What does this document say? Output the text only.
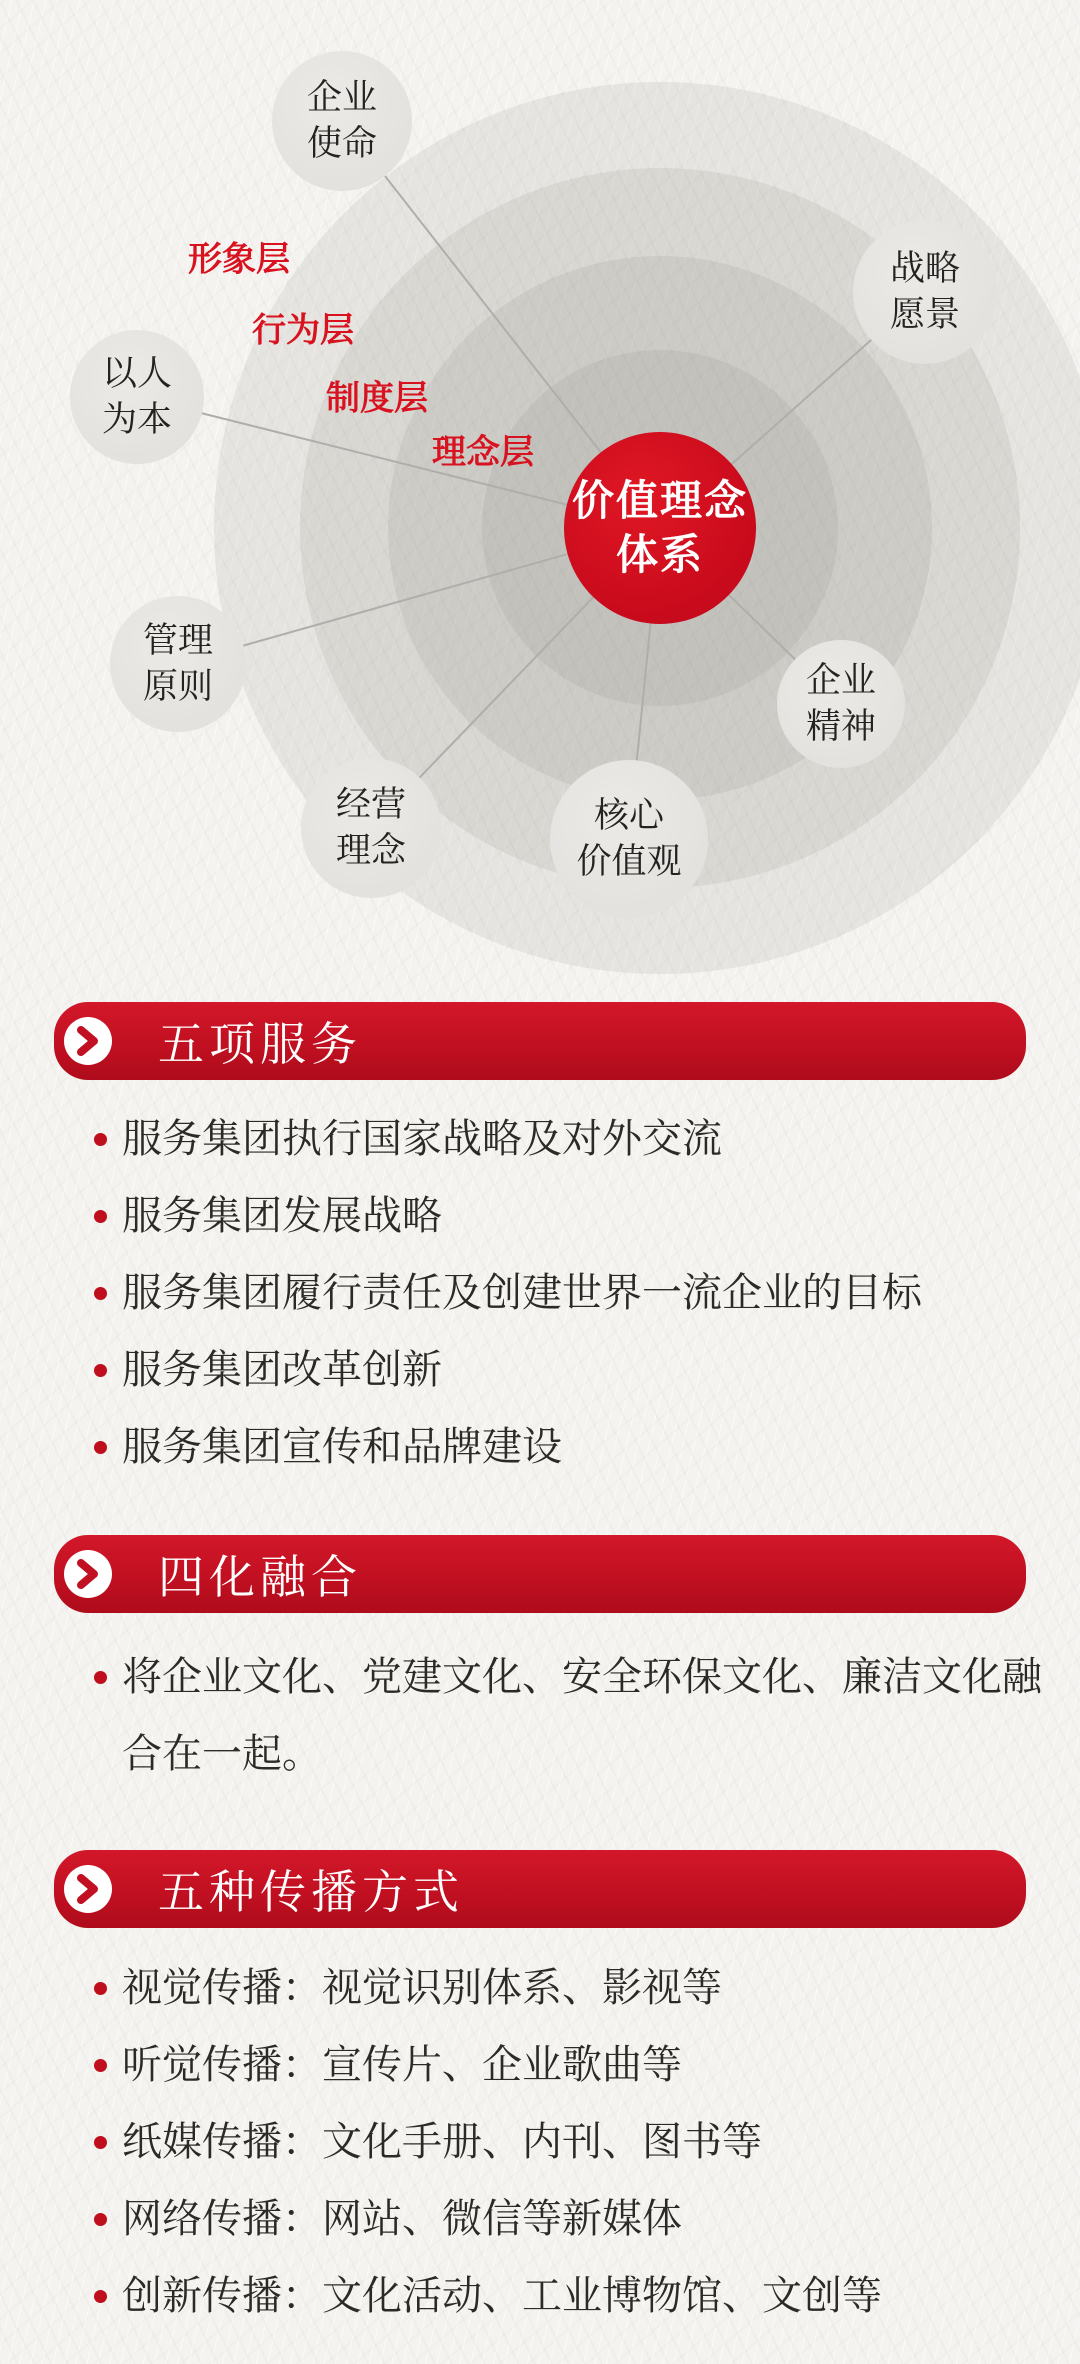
形象层
行为层
制度层
理念层
企业
使命
战略
愿景
以人
为本
管理
原则
经营
理念
核心
价值观
企业
精神
价值理念
体系
五项服务
服务集团执行国家战略及对外交流
服务集团发展战略
服务集团履行责任及创建世界一流企业的目标
服务集团改革创新
服务集团宣传和品牌建设
四化融合
将企业文化、党建文化、安全环保文化、廉洁文化融合在一起。
五种传播方式
视觉传播：视觉识别体系、影视等
听觉传播：宣传片、企业歌曲等
纸媒传播：文化手册、内刊、图书等
网络传播：网站、微信等新媒体
创新传播：文化活动、工业博物馆、文创等
